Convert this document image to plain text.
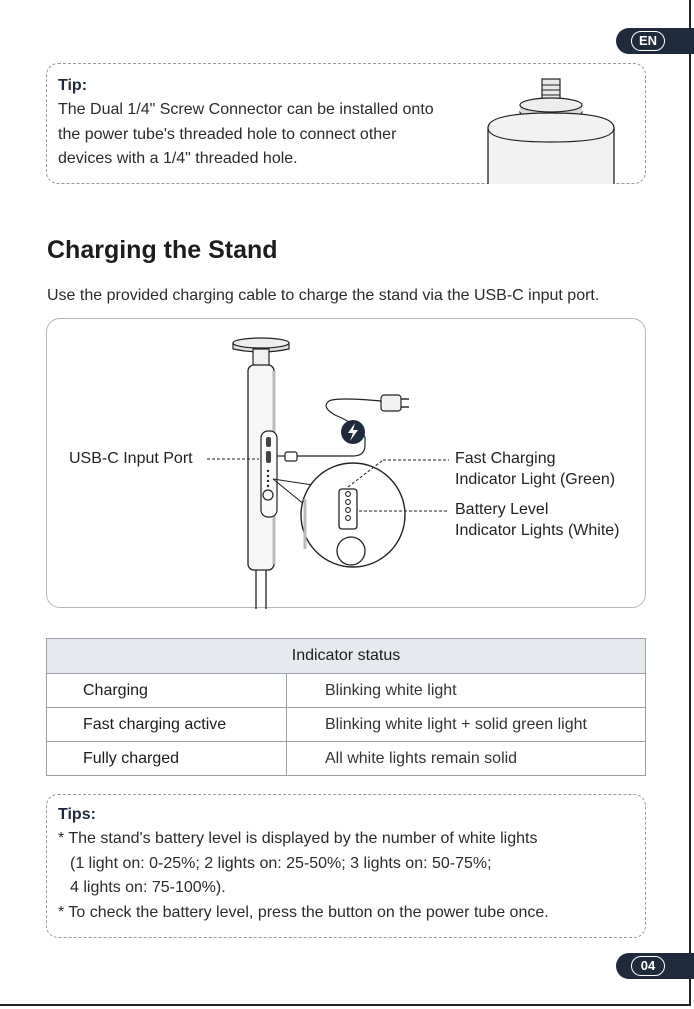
EN
Tip:
The Dual 1/4" Screw Connector can be installed onto
the power tube's threaded hole to connect other
devices with a 1/4" threaded hole.
Charging the Stand
Use the provided charging cable to charge the stand via the USB-C input port.
USB-C Input Port	Fast Charging
Indicator Light (Green)
Battery Level
Indicator Lights (White)
Indicator status	
Charging	Blinking white light
Fast charging active	Blinking white light + solid green light
Fully charged	All white lights remain solid
Tips:
* The stand's battery level is displayed by the number of white lights
(1 light on: 0-25%; 2 lights on: 25-50%; 3 lights on: 50-75%;
4 lights on: 75-100%).
* To check the battery level, press the button on the power tube once.
04
